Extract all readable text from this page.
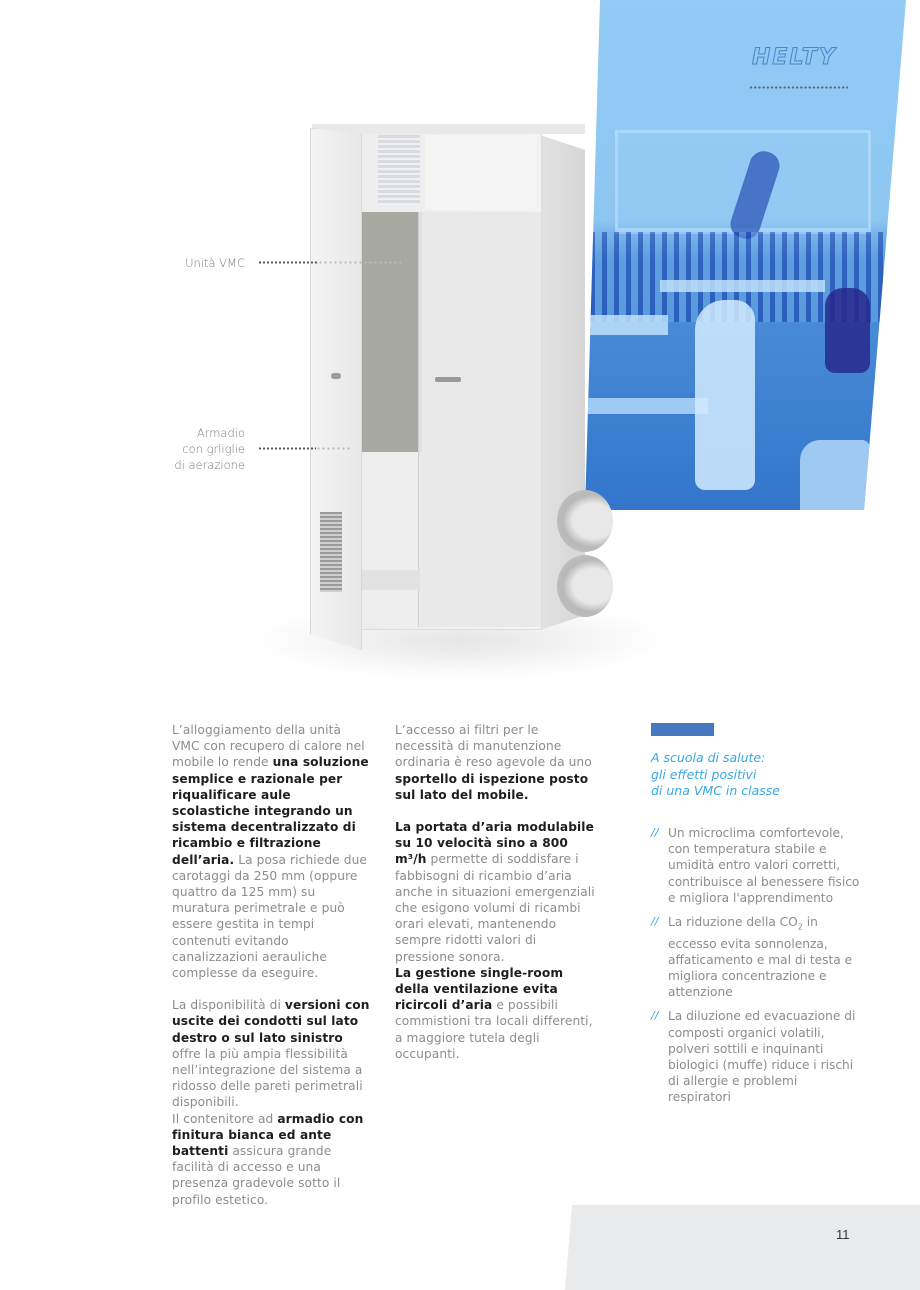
HELTY
Unità VMC
Armadio
con grliglie
di aerazione

L’alloggiamento della unità VMC con recupero di calore nel mobile lo rende una soluzione semplice e razionale per riqualificare aule scolastiche integrando un sistema decentralizzato di ricambio e filtrazione dell’aria. La posa richiede due carotaggi da 250 mm (oppure quattro da 125 mm) su muratura perimetrale e può essere gestita in tempi contenuti evitando canalizzazioni aerauliche complesse da eseguire.

La disponibilità di versioni con uscite dei condotti sul lato destro o sul lato sinistro offre la più ampia flessibilità nell’integrazione del sistema a ridosso delle pareti perimetrali disponibili.
Il contenitore ad armadio con finitura bianca ed ante battenti assicura grande facilità di accesso e una presenza gradevole sotto il profilo estetico.

L’accesso ai filtri per le necessità di manutenzione ordinaria è reso agevole da uno sportello di ispezione posto sul lato del mobile.

La portata d’aria modulabile su 10 velocità sino a 800 m³/h permette di soddisfare i fabbisogni di ricambio d’aria anche in situazioni emergenziali che esigono volumi di ricambi orari elevati, mantenendo sempre ridotti valori di pressione sonora.
La gestione single-room della ventilazione evita ricircoli d’aria e possibili commistioni tra locali differenti, a maggiore tutela degli occupanti.

A scuola di salute:
gli effetti positivi
di una VMC in classe
// Un microclima comfortevole, con temperatura stabile e umidità entro valori corretti, contribuisce al benessere fisico e migliora l'apprendimento
// La riduzione della $CO_2$ in eccesso evita sonnolenza, affaticamento e mal di testa e migliora concentrazione e attenzione
// La diluzione ed evacuazione di composti organici volatili, polveri sottili e inquinanti biologici (muffe) riduce i rischi di allergie e problemi respiratori
11
